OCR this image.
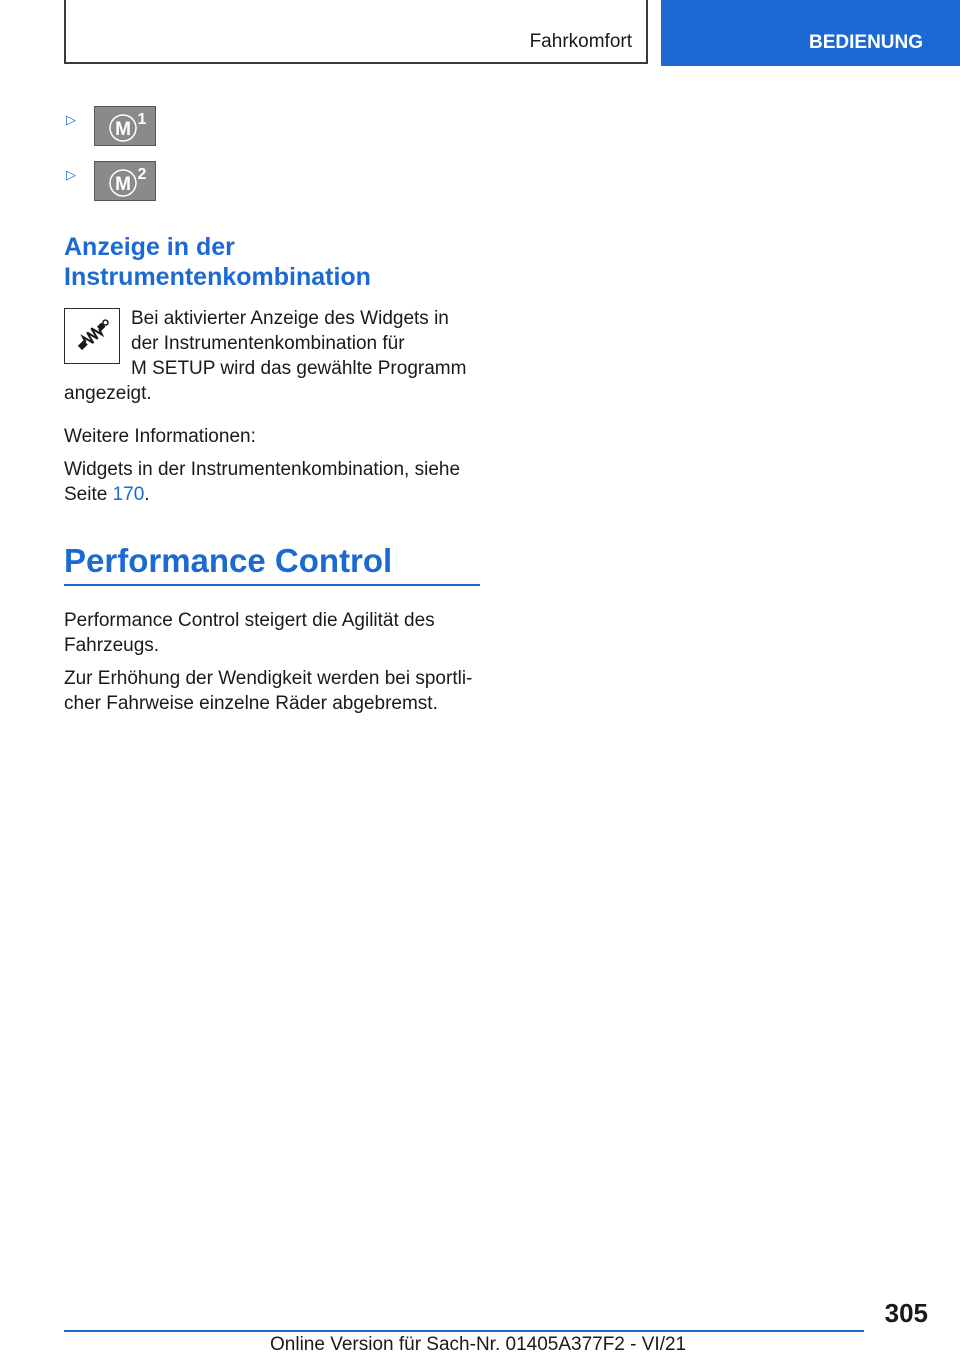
Fahrkomfort	BEDIENUNG
▷ M 1
▷ M 2
Anzeige in der Instrumentenkombination

Bei aktivierter Anzeige des Widgets in

der Instrumentenkombination für

M SETUP wird das gewählte Programm

angezeigt.

Weitere Informationen:

Widgets in der Instrumentenkombination, siehe

Seite 170.

Performance Control

Performance Control steigert die Agilität des

Fahrzeugs.

Zur Erhöhung der Wendigkeit werden bei sportli-

cher Fahrweise einzelne Räder abgebremst.

305
Online Version für Sach-Nr. 01405A377F2 - VI/21
